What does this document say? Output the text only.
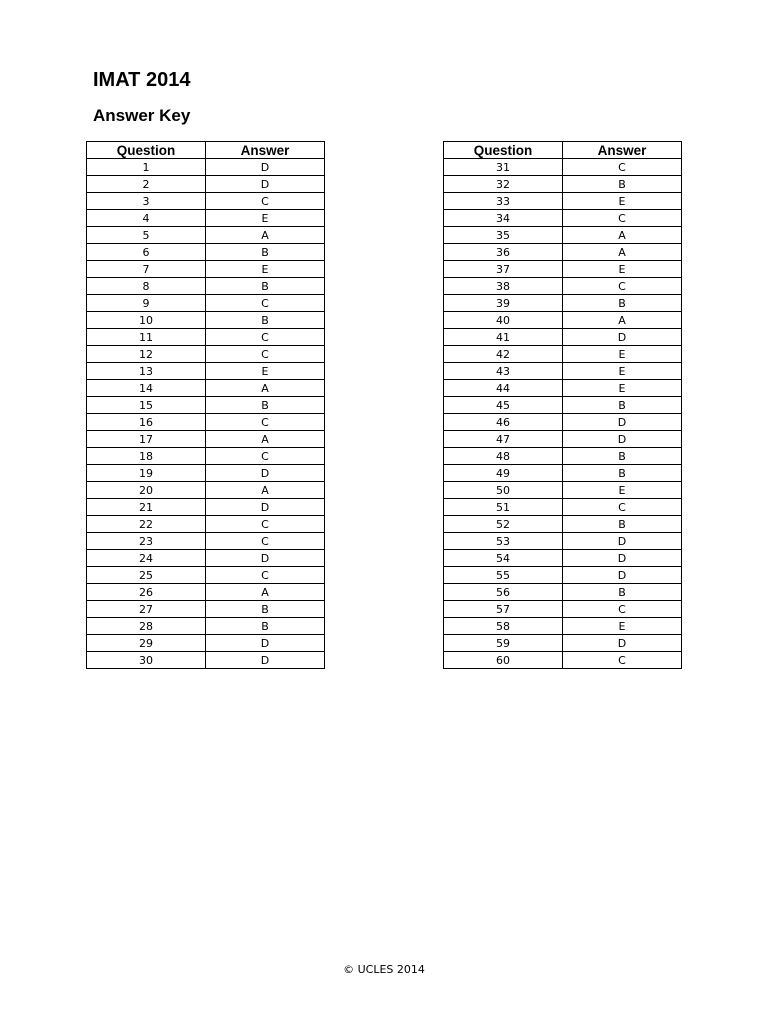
IMAT 2014
Answer Key
Question	Answer
1	D
2	D
3	C
4	E
5	A
6	B
7	E
8	B
9	C
10	B
11	C
12	C
13	E
14	A
15	B
16	C
17	A
18	C
19	D
20	A
21	D
22	C
23	C
24	D
25	C
26	A
27	B
28	B
29	D
30	D
Question	Answer
31	C
32	B
33	E
34	C
35	A
36	A
37	E
38	C
39	B
40	A
41	D
42	E
43	E
44	E
45	B
46	D
47	D
48	B
49	B
50	E
51	C
52	B
53	D
54	D
55	D
56	B
57	C
58	E
59	D
60	C
© UCLES 2014
